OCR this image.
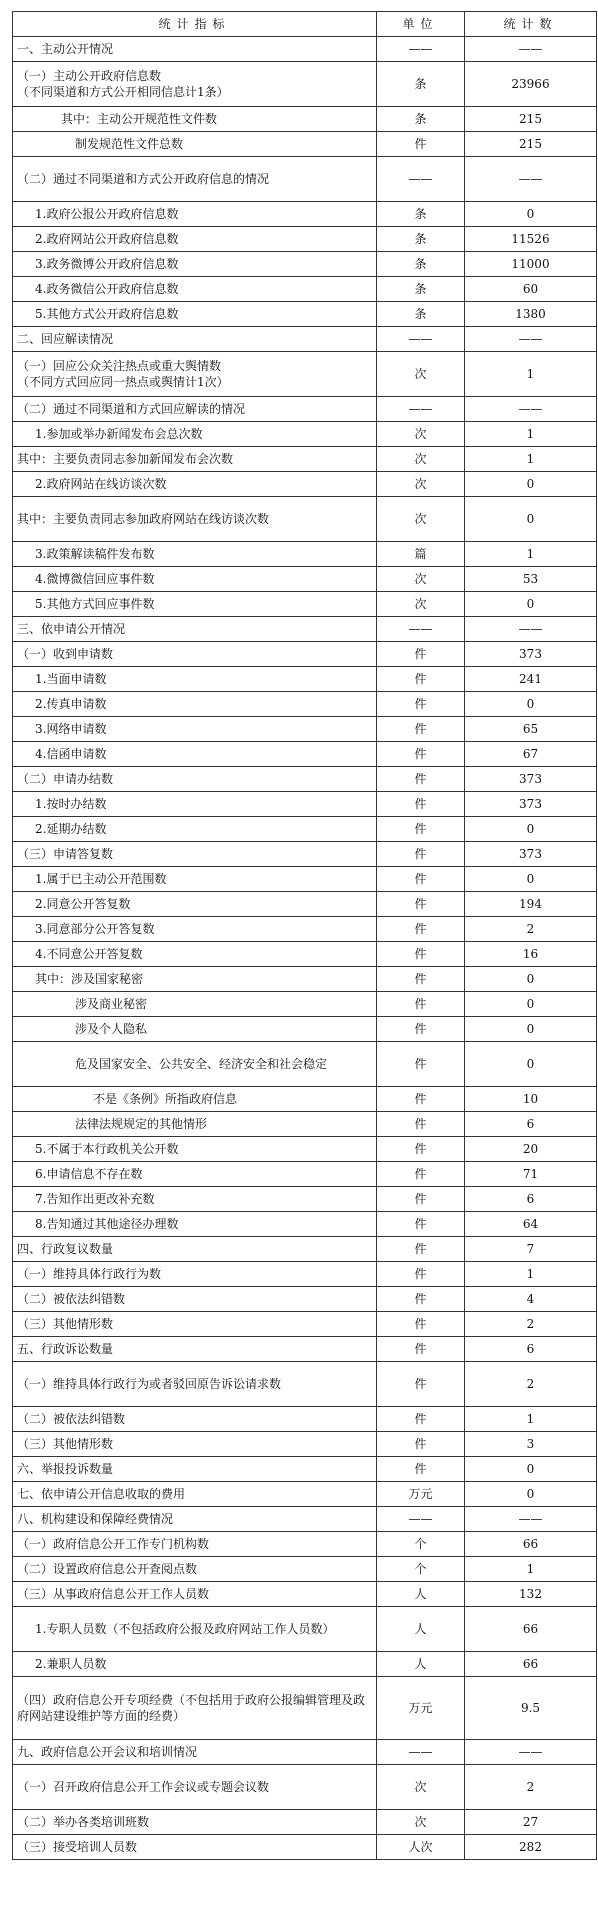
统计指标	单位	统计数
一、主动公开情况	——	——
（一）主动公开政府信息数
（不同渠道和方式公开相同信息计1条）	条	23966
其中：主动公开规范性文件数	条	215
制发规范性文件总数	件	215
（二）通过不同渠道和方式公开政府信息的情况	——	——
1.政府公报公开政府信息数	条	0
2.政府网站公开政府信息数	条	11526
3.政务微博公开政府信息数	条	11000
4.政务微信公开政府信息数	条	60
5.其他方式公开政府信息数	条	1380
二、回应解读情况	——	——
（一）回应公众关注热点或重大舆情数
（不同方式回应同一热点或舆情计1次）	次	1
（二）通过不同渠道和方式回应解读的情况	——	——
1.参加或举办新闻发布会总次数	次	1
其中：主要负责同志参加新闻发布会次数	次	1
2.政府网站在线访谈次数	次	0
其中：主要负责同志参加政府网站在线访谈次数	次	0
3.政策解读稿件发布数	篇	1
4.微博微信回应事件数	次	53
5.其他方式回应事件数	次	0
三、依申请公开情况	——	——
（一）收到申请数	件	373
1.当面申请数	件	241
2.传真申请数	件	0
3.网络申请数	件	65
4.信函申请数	件	67
（二）申请办结数	件	373
1.按时办结数	件	373
2.延期办结数	件	0
（三）申请答复数	件	373
1.属于已主动公开范围数	件	0
2.同意公开答复数	件	194
3.同意部分公开答复数	件	2
4.不同意公开答复数	件	16
其中：涉及国家秘密	件	0
涉及商业秘密	件	0
涉及个人隐私	件	0
危及国家安全、公共安全、经济安全和社会稳定	件	0
不是《条例》所指政府信息	件	10
法律法规规定的其他情形	件	6
5.不属于本行政机关公开数	件	20
6.申请信息不存在数	件	71
7.告知作出更改补充数	件	6
8.告知通过其他途径办理数	件	64
四、行政复议数量	件	7
（一）维持具体行政行为数	件	1
（二）被依法纠错数	件	4
（三）其他情形数	件	2
五、行政诉讼数量	件	6
（一）维持具体行政行为或者驳回原告诉讼请求数	件	2
（二）被依法纠错数	件	1
（三）其他情形数	件	3
六、举报投诉数量	件	0
七、依申请公开信息收取的费用	万元	0
八、机构建设和保障经费情况	——	——
（一）政府信息公开工作专门机构数	个	66
（二）设置政府信息公开查阅点数	个	1
（三）从事政府信息公开工作人员数	人	132
1.专职人员数（不包括政府公报及政府网站工作人员数）	人	66
2.兼职人员数	人	66
（四）政府信息公开专项经费（不包括用于政府公报编辑管理及政府网站建设维护等方面的经费）	万元	9.5
九、政府信息公开会议和培训情况	——	——
（一）召开政府信息公开工作会议或专题会议数	次	2
（二）举办各类培训班数	次	27
（三）接受培训人员数	人次	282
